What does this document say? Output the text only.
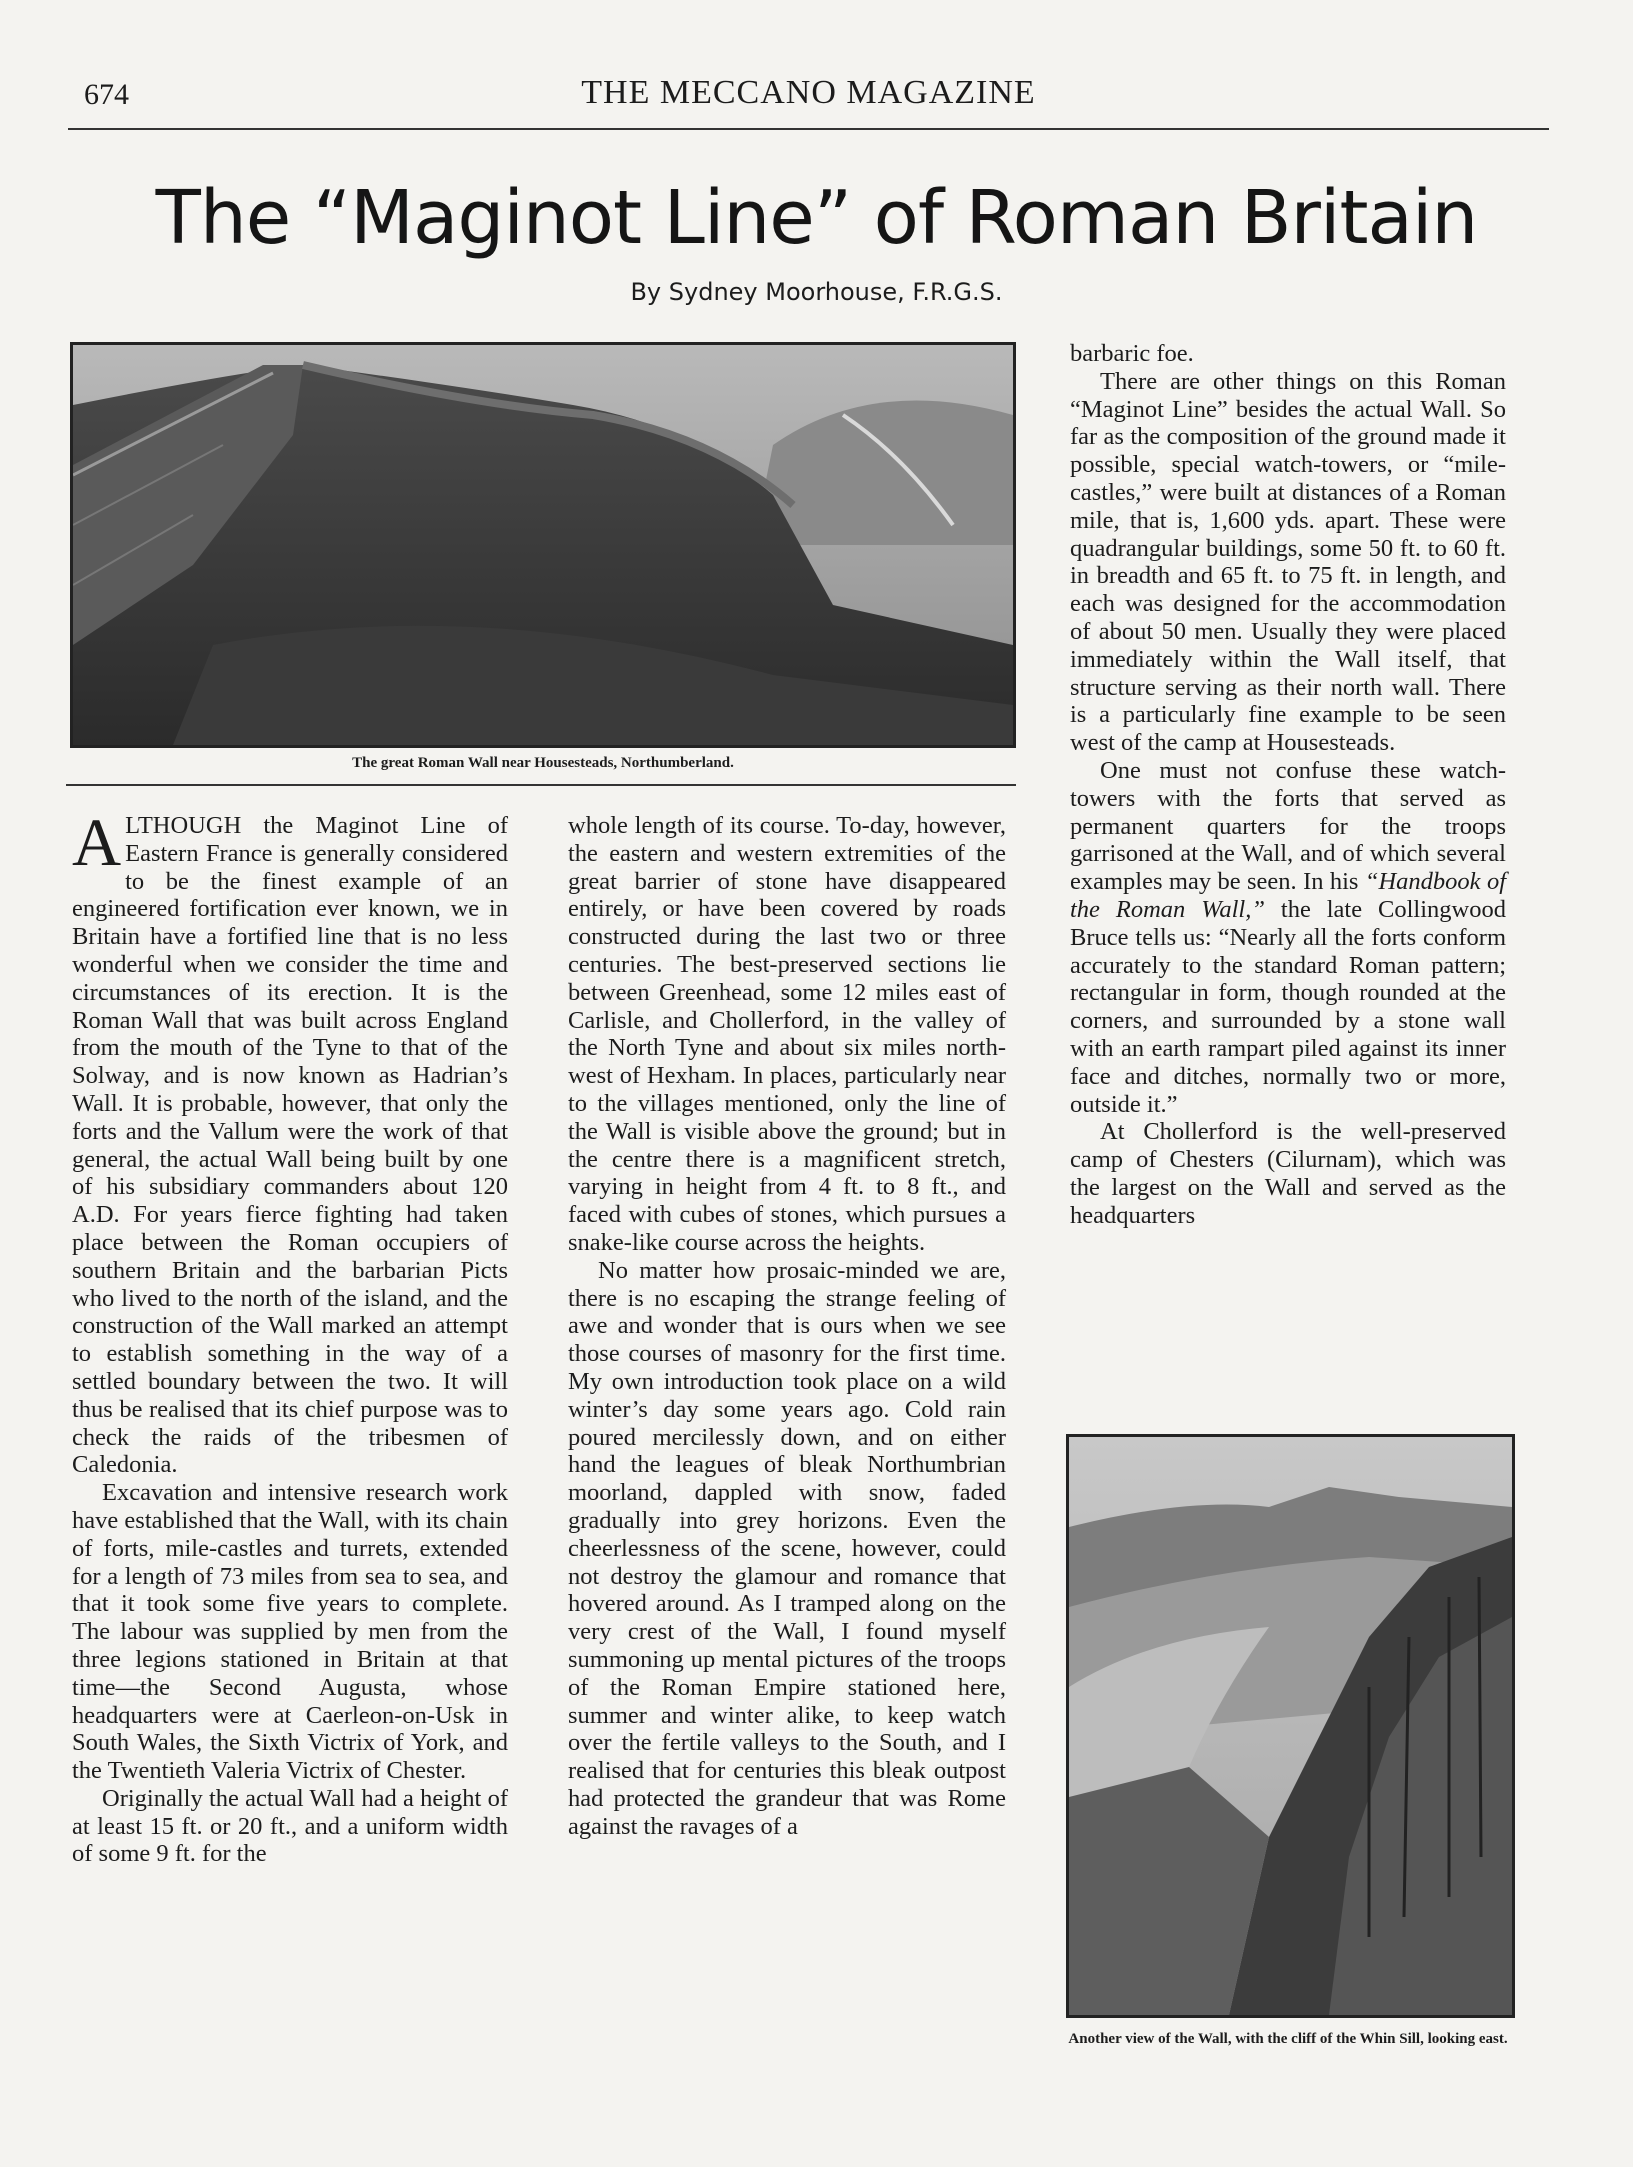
674	THE MECCANO MAGAZINE
The “Maginot Line” of Roman Britain
By Sydney Moorhouse, F.R.G.S.
The great Roman Wall near Housesteads, Northumberland.

ALTHOUGH the Maginot Line of Eastern France is generally considered to be the finest example of an engineered fortification ever known, we in Britain have a fortified line that is no less wonderful when we consider the time and circumstances of its erection. It is the Roman Wall that was built across England from the mouth of the Tyne to that of the Solway, and is now known as Hadrian’s Wall. It is probable, however, that only the forts and the Vallum were the work of that general, the actual Wall being built by one of his subsidiary commanders about 120 A.D. For years fierce fighting had taken place between the Roman occupiers of southern Britain and the barbarian Picts who lived to the north of the island, and the construction of the Wall marked an attempt to establish something in the way of a settled boundary between the two. It will thus be realised that its chief purpose was to check the raids of the tribesmen of Caledonia.

Excavation and intensive research work have established that the Wall, with its chain of forts, mile-castles and turrets, extended for a length of 73 miles from sea to sea, and that it took some five years to complete. The labour was supplied by men from the three legions stationed in Britain at that time—the Second Augusta, whose headquarters were at Caerleon-on-Usk in South Wales, the Sixth Victrix of York, and the Twentieth Valeria Victrix of Chester.

Originally the actual Wall had a height of at least 15 ft. or 20 ft., and a uniform width of some 9 ft. for the

whole length of its course. To-day, however, the eastern and western extremities of the great barrier of stone have disappeared entirely, or have been covered by roads constructed during the last two or three centuries. The best-preserved sections lie between Greenhead, some 12 miles east of Carlisle, and Chollerford, in the valley of the North Tyne and about six miles north-west of Hexham. In places, particularly near to the villages mentioned, only the line of the Wall is visible above the ground; but in the centre there is a magnificent stretch, varying in height from 4 ft. to 8 ft., and faced with cubes of stones, which pursues a snake-like course across the heights.

No matter how prosaic-minded we are, there is no escaping the strange feeling of awe and wonder that is ours when we see those courses of masonry for the first time. My own introduction took place on a wild winter’s day some years ago. Cold rain poured mercilessly down, and on either hand the leagues of bleak Northumbrian moorland, dappled with snow, faded gradually into grey horizons. Even the cheerlessness of the scene, however, could not destroy the glamour and romance that hovered around. As I tramped along on the very crest of the Wall, I found myself summoning up mental pictures of the troops of the Roman Empire stationed here, summer and winter alike, to keep watch over the fertile valleys to the South, and I realised that for centuries this bleak outpost had protected the grandeur that was Rome against the ravages of a

barbaric foe.

There are other things on this Roman “Maginot Line” besides the actual Wall. So far as the composition of the ground made it possible, special watch-towers, or “mile-castles,” were built at distances of a Roman mile, that is, 1,600 yds. apart. These were quadrangular buildings, some 50 ft. to 60 ft. in breadth and 65 ft. to 75 ft. in length, and each was designed for the accommodation of about 50 men. Usually they were placed immediately within the Wall itself, that structure serving as their north wall. There is a particularly fine example to be seen west of the camp at Housesteads.

One must not confuse these watch-towers with the forts that served as permanent quarters for the troops garrisoned at the Wall, and of which several examples may be seen. In his “Handbook of the Roman Wall,” the late Collingwood Bruce tells us: “Nearly all the forts conform accurately to the standard Roman pattern; rectangular in form, though rounded at the corners, and surrounded by a stone wall with an earth rampart piled against its inner face and ditches, normally two or more, outside it.”

At Chollerford is the well-preserved camp of Chesters (Cilurnam), which was the largest on the Wall and served as the headquarters

Another view of the Wall, with the cliff of the Whin Sill, looking east.
